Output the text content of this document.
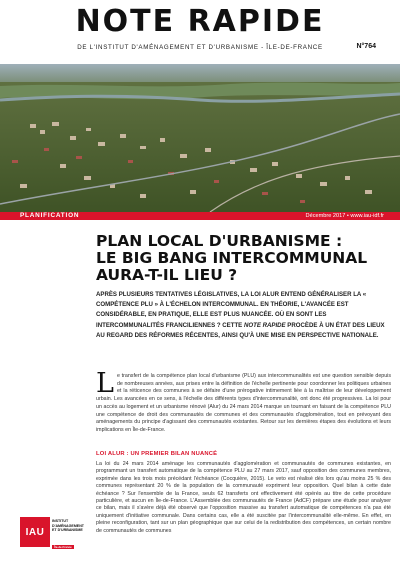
NOTE RAPIDE
DE L'INSTITUT D'AMÉNAGEMENT ET D'URBANISME - ÎLE-DE-FRANCE	N°764
PLANIFICATION	Décembre 2017 • www.iau-idf.fr
PLAN LOCAL D'URBANISME :
LE BIG BANG INTERCOMMUNAL
AURA-T-IL LIEU ?

APRÈS PLUSIEURS TENTATIVES LÉGISLATIVES, LA LOI ALUR ENTEND GÉNÉRALISER LA « COMPÉTENCE PLU » À L'ÉCHELON INTERCOMMUNAL. EN THÉORIE, L'AVANCÉE EST CONSIDÉRABLE, EN PRATIQUE, ELLE EST PLUS NUANCÉE. OÙ EN SONT LES INTERCOMMUNALITÉS FRANCILIENNES ? CETTE NOTE RAPIDE PROCÈDE À UN ÉTAT DES LIEUX AU REGARD DES RÉFORMES RÉCENTES, AINSI QU'À UNE MISE EN PERSPECTIVE NATIONALE.

Le transfert de la compétence plan local d'urbanisme (PLU) aux intercommunalités est une question sensible depuis de nombreuses années, aux prises entre la définition de l'échelle pertinente pour coordonner les politiques urbaines et la réticence des communes à se défaire d'une prérogative intimement liée à la maîtrise de leur développement urbain. Les avancées en ce sens, à l'échelle des différents types d'intercommunalité, ont donc été progressives. La loi pour un accès au logement et un urbanisme rénové (Alur) du 24 mars 2014 marque un tournant en faisant de la compétence PLU une compétence de droit des communautés de communes et des communautés d'agglomération, tout en prévoyant des aménagements du principe d'agissant des communautés existantes. Retour sur les dernières étapes des évolutions et leurs implications en Île-de-France.

LOI ALUR : UN PREMIER BILAN NUANCÉ

La loi du 24 mars 2014 aménage les communautés d'agglomération et communautés de communes existantes, en programmant un transfert automatique de la compétence PLU au 27 mars 2017, sauf opposition des communes membres, exprimée dans les trois mois précédant l'échéance (Cocquière, 2015). Le veto est réalisé dès lors qu'au moins 25 % des communes représentant 20 % de la population de la communauté expriment leur opposition. Quel bilan à cette date échéance ? Sur l'ensemble de la France, seuls 62 transferts ont effectivement été opérés au titre de cette procédure particulière, et aucun en Île-de-France. L'Assemblée des communautés de France (AdCF) prépare une étude pour analyser ce bilan, mais il s'avère déjà été observé que l'opposition massive au transfert automatique de compétences n'a pas été uniquement d'initiative communale. Dans certains cas, elle a été suscitée par l'intercommunalité elle-même. En effet, en pleine reconfiguration, tant sur un plan géographique que sur celui de la redistribution des compétences, un certain nombre de communautés de communes

IAU
INSTITUT
D'AMÉNAGEMENT
ET D'URBANISME
Île-de-France
